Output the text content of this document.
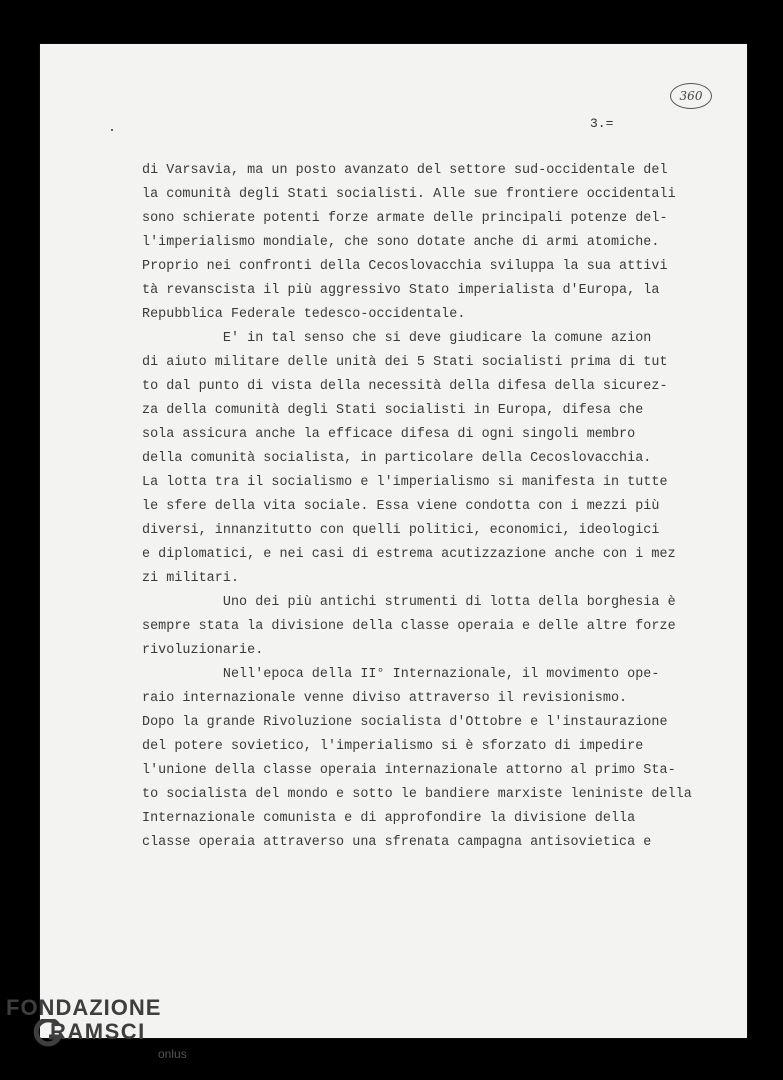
360
3.=
di Varsavia, ma un posto avanzato del settore sud-occidentale del
la comunità degli Stati socialisti. Alle sue frontiere occidentali
sono schierate potenti forze armate delle principali potenze del-
l'imperialismo mondiale, che sono dotate anche di armi atomiche.
Proprio nei confronti della Cecoslovacchia sviluppa la sua attivi
tà revanscista il più aggressivo Stato imperialista d'Europa, la
Repubblica Federale tedesco-occidentale.
E' in tal senso che si deve giudicare la comune azion
di aiuto militare delle unità dei 5 Stati socialisti prima di tut
to dal punto di vista della necessità della difesa della sicurez-
za della comunità degli Stati socialisti in Europa, difesa che
sola assicura anche la efficace difesa di ogni singoli membro
della comunità socialista, in particolare della Cecoslovacchia.
La lotta tra il socialismo e l'imperialismo si manifesta in tutte
le sfere della vita sociale. Essa viene condotta con i mezzi più
diversi, innanzitutto con quelli politici, economici, ideologici
e diplomatici, e nei casi di estrema acutizzazione anche con i mez
zi militari.
Uno dei più antichi strumenti di lotta della borghesia è
sempre stata la divisione della classe operaia e delle altre forze
rivoluzionarie.
Nell'epoca della II° Internazionale, il movimento ope-
raio internazionale venne diviso attraverso il revisionismo.
Dopo la grande Rivoluzione socialista d'Ottobre e l'instaurazione
del potere sovietico, l'imperialismo si è sforzato di impedire
l'unione della classe operaia internazionale attorno al primo Sta-
to socialista del mondo e sotto le bandiere marxiste leniniste della
Internazionale comunista e di approfondire la divisione della
classe operaia attraverso una sfrenata campagna antisovietica e
FONDAZIONE
RAMSCI
onlus
